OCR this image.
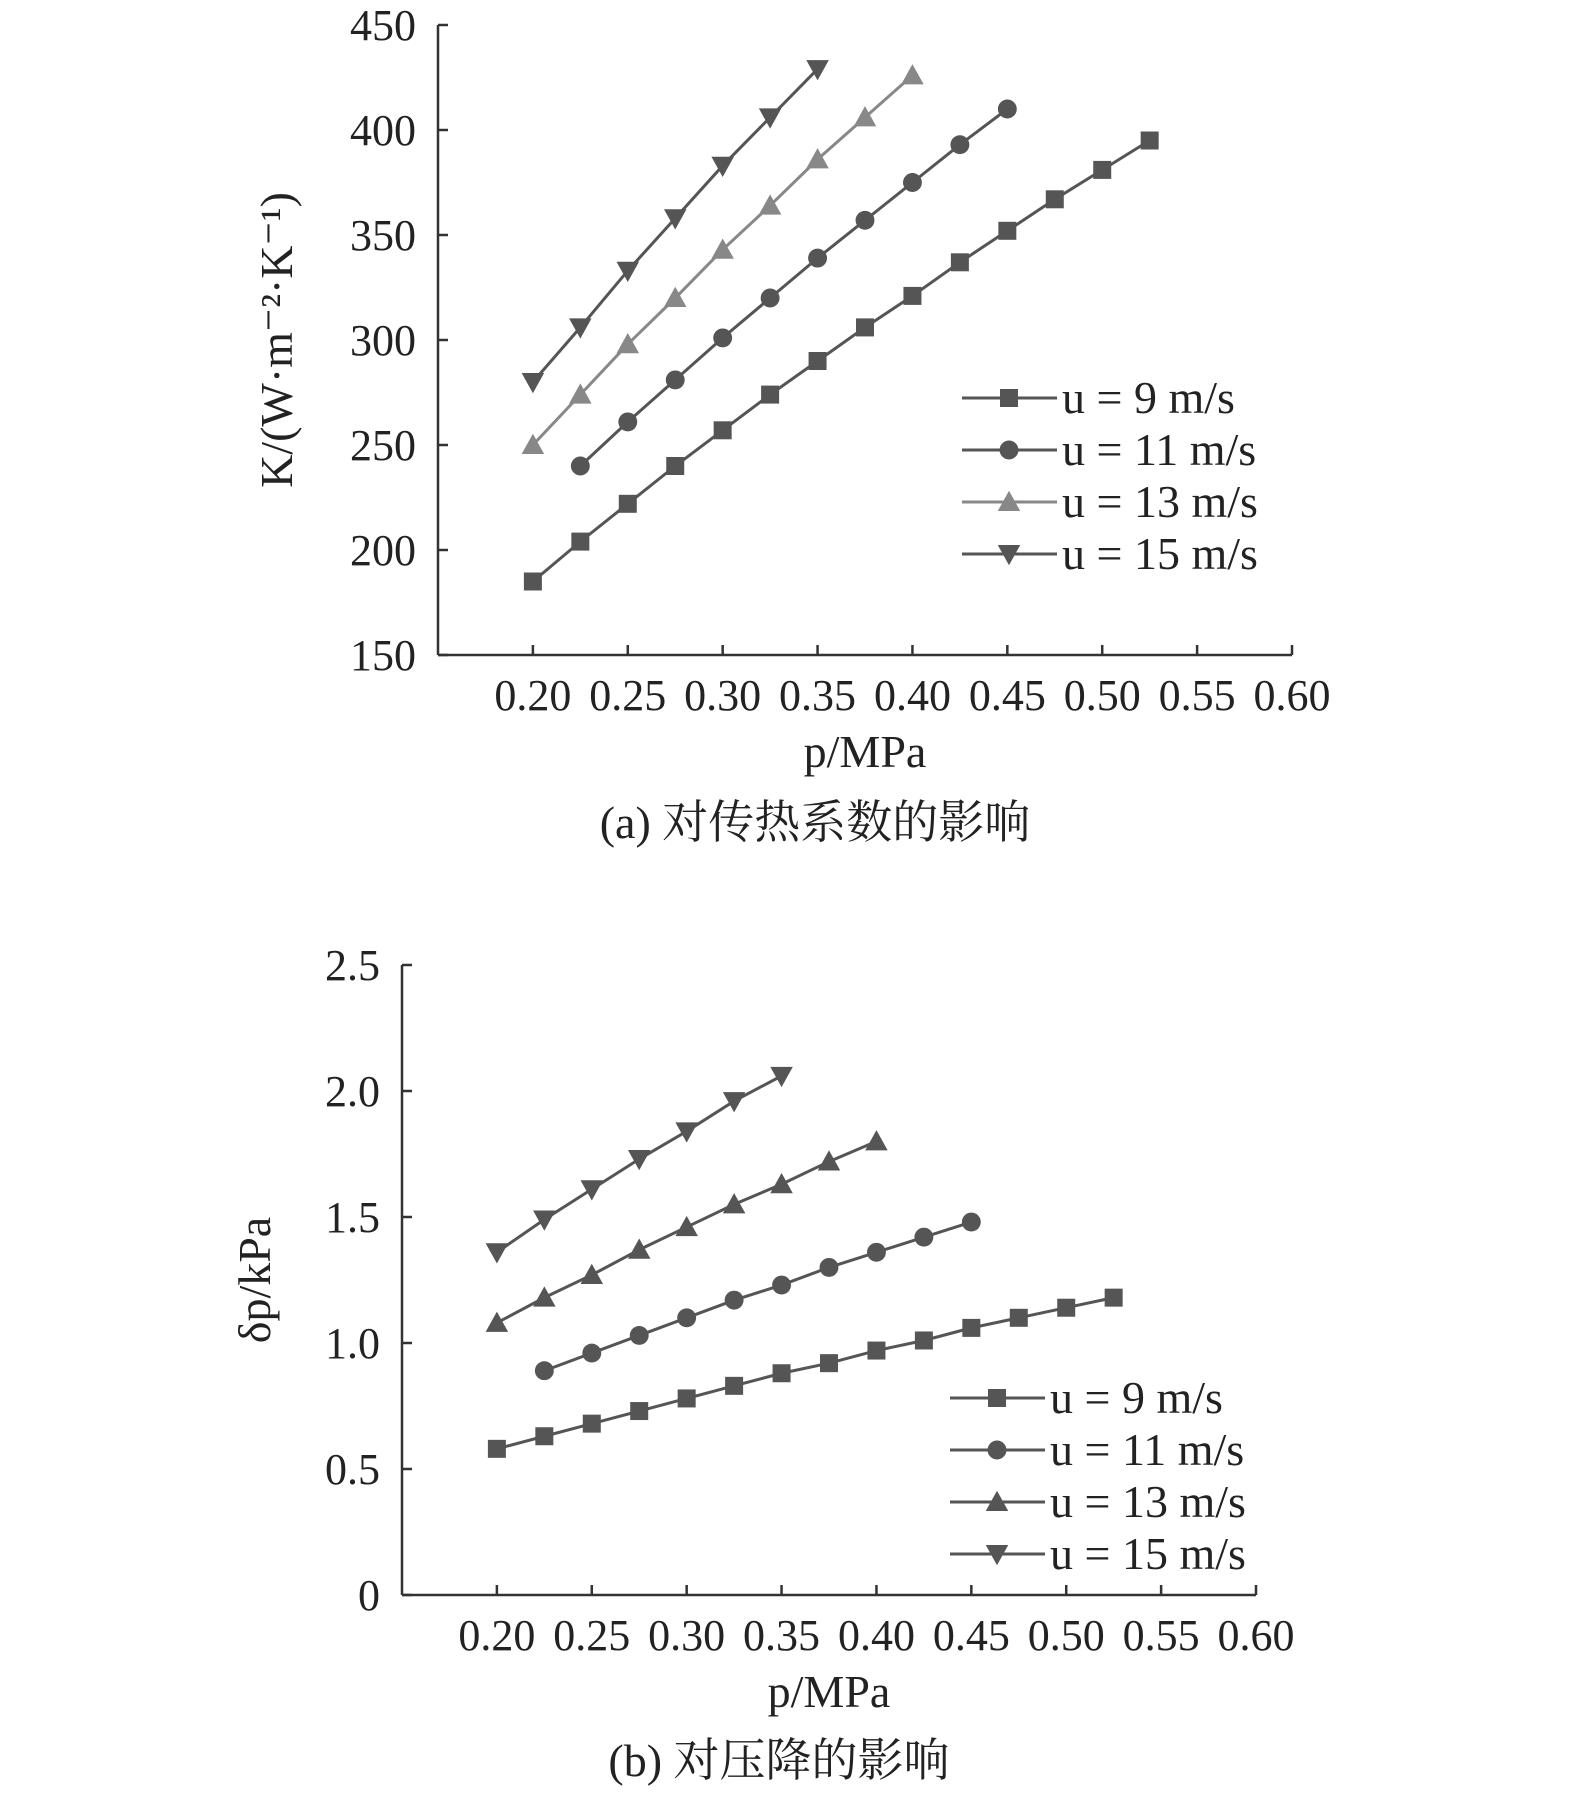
150
200
250
300
350
400
450
0.20 0.25 0.30 0.35 0.40 0.45 0.50 0.55 0.60
p/MPa
K/(W·m⁻²·K⁻¹)
(a) 对传热系数的影响
u = 9 m/s
u = 11 m/s
u = 13 m/s
u = 15 m/s
0
0.5
1.0
1.5
2.0
2.5
0.20 0.25 0.30 0.35 0.40 0.45 0.50 0.55 0.60
p/MPa
δp/kPa
(b) 对压降的影响
u = 9 m/s
u = 11 m/s
u = 13 m/s
u = 15 m/s
